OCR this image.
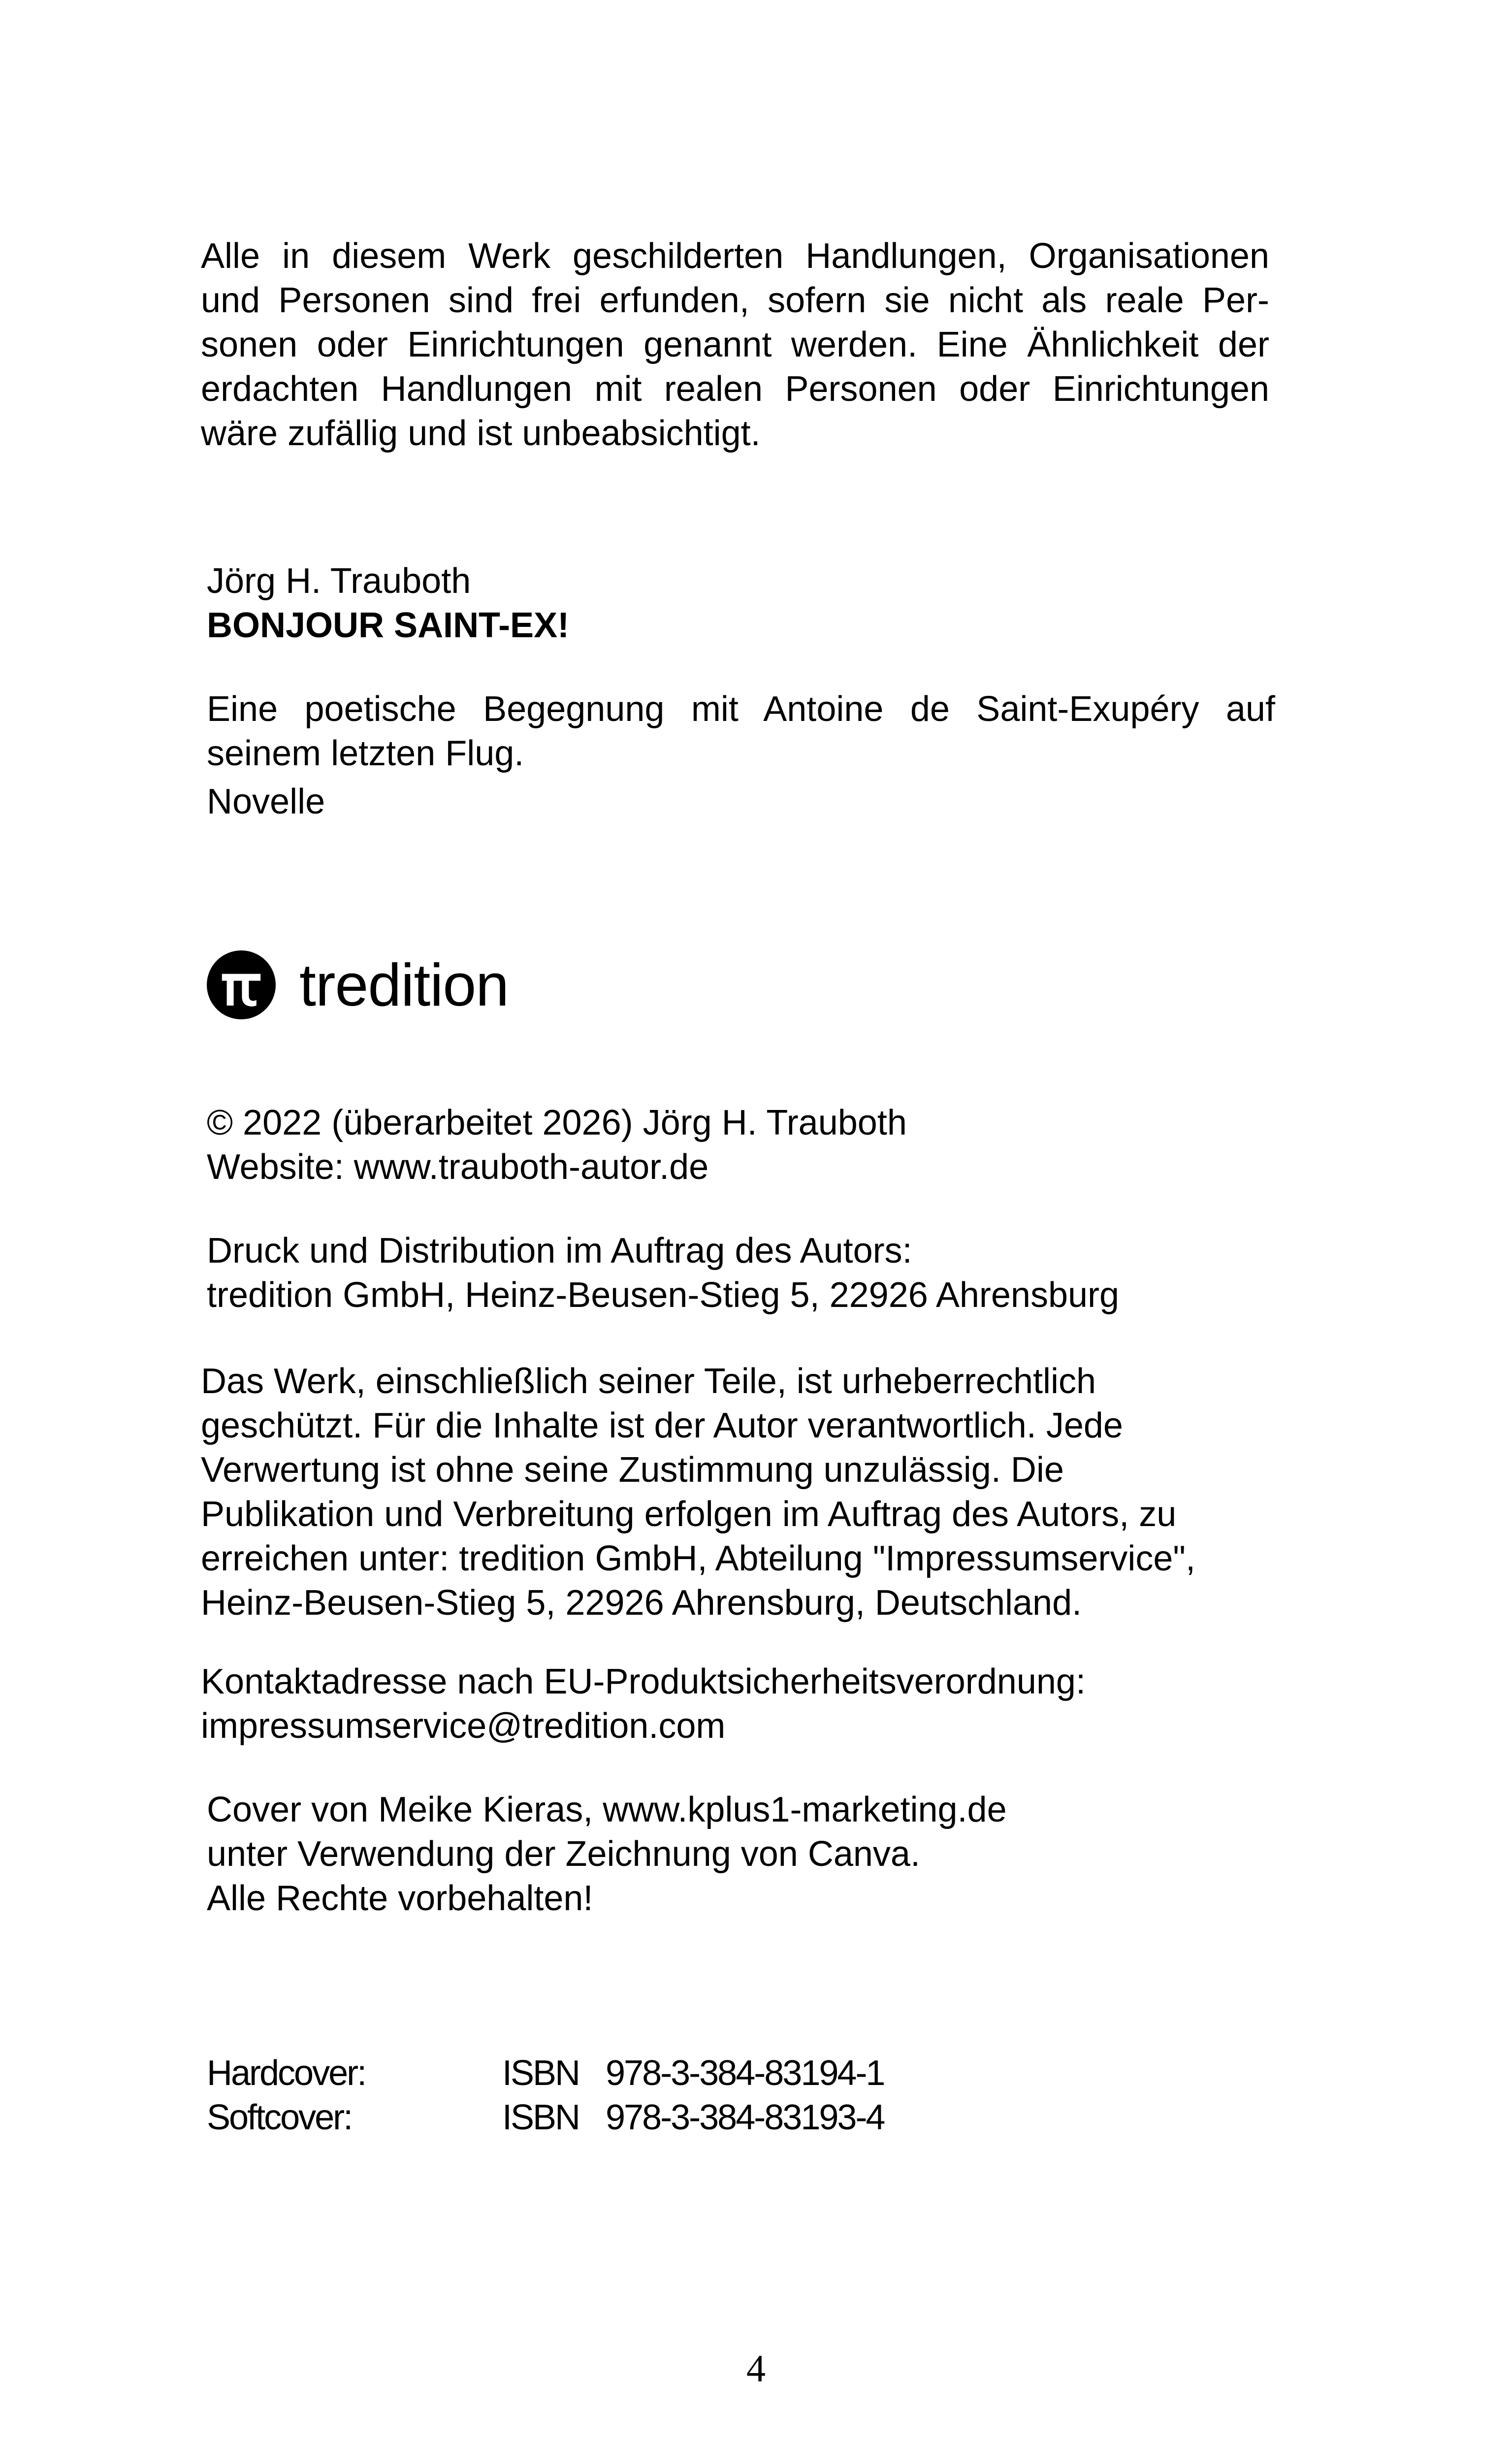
Alle in diesem Werk geschilderten Handlungen, Organisationen
und Personen sind frei erfunden, sofern sie nicht als reale Per-
sonen oder Einrichtungen genannt werden. Eine Ähnlichkeit der
erdachten Handlungen mit realen Personen oder Einrichtungen
wäre zufällig und ist unbeabsichtigt.
Jörg H. Trauboth
BONJOUR SAINT-EX!
Eine poetische Begegnung mit Antoine de Saint-Exupéry auf
seinem letzten Flug.
Novelle
tredition
© 2022 (überarbeitet 2026) Jörg H. Trauboth
Website: www.trauboth-autor.de
Druck und Distribution im Auftrag des Autors:
tredition GmbH, Heinz-Beusen-Stieg 5, 22926 Ahrensburg
Das Werk, einschließlich seiner Teile, ist urheberrechtlich
geschützt. Für die Inhalte ist der Autor verantwortlich. Jede
Verwertung ist ohne seine Zustimmung unzulässig. Die
Publikation und Verbreitung erfolgen im Auftrag des Autors, zu
erreichen unter: tredition GmbH, Abteilung "Impressumservice",
Heinz-Beusen-Stieg 5, 22926 Ahrensburg, Deutschland.
Kontaktadresse nach EU-Produktsicherheitsverordnung:
impressumservice@tredition.com
Cover von Meike Kieras, www.kplus1-marketing.de
unter Verwendung der Zeichnung von Canva.
Alle Rechte vorbehalten!
Hardcover:	ISBN 978-3-384-83194-1
Softcover:	ISBN 978-3-384-83193-4
4
